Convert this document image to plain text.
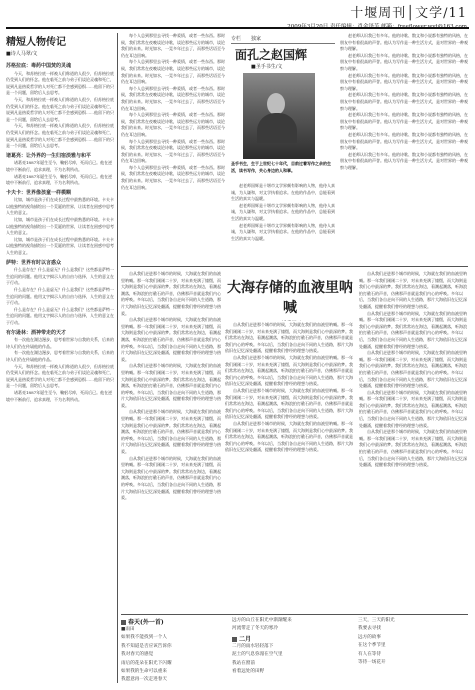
十堰周刊│文学/11
精短人物传记
■诗人马翠/文
苏格拉底：毒药中国焚的灵魂

今天，和苏格拉底一样被人们称道的人很少，但苏格拉底仍受到人们的怀念。他在临死之前与弟子们谈论灵魂和死亡，说到凡是热爱哲学的人对死亡都不会感到恐惧……他留下的只是一个问题，留给后人去思考。

今天，和苏格拉底一样被人们称道的人很少，但苏格拉底仍受到人们的怀念。他在临死之前与弟子们谈论灵魂和死亡，说到凡是热爱哲学的人对死亡都不会感到恐惧……他留下的只是一个问题，留给后人去思考。

今天，和苏格拉底一样被人们称道的人很少，但苏格拉底仍受到人们的怀念。他在临死之前与弟子们谈论灵魂和死亡，说到凡是热爱哲学的人对死亡都不会感到恐惧……他留下的只是一个问题，留给后人去思考。

诸葛亮：让外界的一生归宿淡雅与和平

诸葛亮1887年诞生至今，鞠躬尽瘁，死而后已。他在逆境中不断前行，追求真理，不为名利所动。

诸葛亮1887年诞生至今，鞠躬尽瘁，死而后已。他在逆境中不断前行，追求真理，不为名利所动。

卡夫卡：世界像孩童一样模糊

比如，城市是孩子们在成长过程中最熟悉的环境。卡夫卡以他独特的视角描绘出一个荒诞的世界，让读者在困惑中思考人生的意义。

比如，城市是孩子们在成长过程中最熟悉的环境。卡夫卡以他独特的视角描绘出一个荒诞的世界，让读者在困惑中思考人生的意义。

比如，城市是孩子们在成长过程中最熟悉的环境。卡夫卡以他独特的视角描绘出一个荒诞的世界，让读者在困惑中思考人生的意义。

萨特：世界有时以言惑众

什么是存在？什么是虚无？什么是我们？这些都是萨特一生追问的问题。他用文字揭示人的自由与选择，人生的意义在于行动。

什么是存在？什么是虚无？什么是我们？这些都是萨特一生追问的问题。他用文字揭示人的自由与选择，人生的意义在于行动。

什么是存在？什么是虚无？什么是我们？这些都是萨特一生追问的问题。他用文字揭示人的自由与选择，人生的意义在于行动。

有尔逊林：酒神带走的天才

有一次他在湖边漫步，思考着世界与自我的关系，后来的诗人们仍在传诵他的作品。

有一次他在湖边漫步，思考着世界与自我的关系，后来的诗人们仍在传诵他的作品。

今天，和苏格拉底一样被人们称道的人很少，但苏格拉底仍受到人们的怀念。他在临死之前与弟子们谈论灵魂和死亡，说到凡是热爱哲学的人对死亡都不会感到恐惧……他留下的只是一个问题，留给后人去思考。

诸葛亮1887年诞生至今，鞠躬尽瘁，死而后已。他在逆境中不断前行，追求真理，不为名利所动。

每个人总到那里去寻找一种爱情，或者一些东西。那时候，我们常常在夜晚谈论诗歌，谈论那些远方的城市，谈论我们的未来。时光如水，一晃多年过去了，而那些话语至今仍在耳边回响。

每个人总到那里去寻找一种爱情，或者一些东西。那时候，我们常常在夜晚谈论诗歌，谈论那些远方的城市，谈论我们的未来。时光如水，一晃多年过去了，而那些话语至今仍在耳边回响。

每个人总到那里去寻找一种爱情，或者一些东西。那时候，我们常常在夜晚谈论诗歌，谈论那些远方的城市，谈论我们的未来。时光如水，一晃多年过去了，而那些话语至今仍在耳边回响。

每个人总到那里去寻找一种爱情，或者一些东西。那时候，我们常常在夜晚谈论诗歌，谈论那些远方的城市，谈论我们的未来。时光如水，一晃多年过去了，而那些话语至今仍在耳边回响。

每个人总到那里去寻找一种爱情，或者一些东西。那时候，我们常常在夜晚谈论诗歌，谈论那些远方的城市，谈论我们的未来。时光如水，一晃多年过去了，而那些话语至今仍在耳边回响。

每个人总到那里去寻找一种爱情，或者一些东西。那时候，我们常常在夜晚谈论诗歌，谈论那些远方的城市，谈论我们的未来。时光如水，一晃多年过去了，而那些话语至今仍在耳边回响。

专栏 独家
面孔之赵国辉
■圣手书生/文
圣手书生，生于上世纪七十年代，目前过着写作之余的生活，读书写作，关心身边的人和事。

赵老师国辉是十堰市文学界颇有影响的人物，他待人真诚，为人谦和，对文学执着追求。在他的作品中，总能看到生活的真实与温暖。

赵老师国辉是十堰市文学界颇有影响的人物，他待人真诚，为人谦和，对文学执着追求。在他的作品中，总能看到生活的真实与温暖。

赵老师国辉是十堰市文学界颇有影响的人物，他待人真诚，为人谦和，对文学执着追求。在他的作品中，总能看到生活的真实与温暖。

赵老师认识我已有多年。他的诗歌、散文和小说都有独特的风格，在朋友中有着很高的声誉。他认为写作是一种生活方式，是对世界的一种观察与理解。

赵老师认识我已有多年。他的诗歌、散文和小说都有独特的风格，在朋友中有着很高的声誉。他认为写作是一种生活方式，是对世界的一种观察与理解。

赵老师认识我已有多年。他的诗歌、散文和小说都有独特的风格，在朋友中有着很高的声誉。他认为写作是一种生活方式，是对世界的一种观察与理解。

赵老师认识我已有多年。他的诗歌、散文和小说都有独特的风格，在朋友中有着很高的声誉。他认为写作是一种生活方式，是对世界的一种观察与理解。

赵老师认识我已有多年。他的诗歌、散文和小说都有独特的风格，在朋友中有着很高的声誉。他认为写作是一种生活方式，是对世界的一种观察与理解。

赵老师认识我已有多年。他的诗歌、散文和小说都有独特的风格，在朋友中有着很高的声誉。他认为写作是一种生活方式，是对世界的一种观察与理解。

赵老师认识我已有多年。他的诗歌、散文和小说都有独特的风格，在朋友中有着很高的声誉。他认为写作是一种生活方式，是对世界的一种观察与理解。

自从我们走进那个城市的时候，大海就在我们的血液里呐喊。那一年我们刚刚二十岁，对未来充满了憧憬，而大海则是我们心中最深的梦。我们常常站在海边，看潮起潮落，听海浪拍打礁石的声音，仿佛那声音就是我们内心的呼唤。多年以后，当我们各自走向不同的人生道路，那片大海依旧在记忆深处翻涌，提醒着我们曾经的理想与热爱。

自从我们走进那个城市的时候，大海就在我们的血液里呐喊。那一年我们刚刚二十岁，对未来充满了憧憬，而大海则是我们心中最深的梦。我们常常站在海边，看潮起潮落，听海浪拍打礁石的声音，仿佛那声音就是我们内心的呼唤。多年以后，当我们各自走向不同的人生道路，那片大海依旧在记忆深处翻涌，提醒着我们曾经的理想与热爱。

自从我们走进那个城市的时候，大海就在我们的血液里呐喊。那一年我们刚刚二十岁，对未来充满了憧憬，而大海则是我们心中最深的梦。我们常常站在海边，看潮起潮落，听海浪拍打礁石的声音，仿佛那声音就是我们内心的呼唤。多年以后，当我们各自走向不同的人生道路，那片大海依旧在记忆深处翻涌，提醒着我们曾经的理想与热爱。

自从我们走进那个城市的时候，大海就在我们的血液里呐喊。那一年我们刚刚二十岁，对未来充满了憧憬，而大海则是我们心中最深的梦。我们常常站在海边，看潮起潮落，听海浪拍打礁石的声音，仿佛那声音就是我们内心的呼唤。多年以后，当我们各自走向不同的人生道路，那片大海依旧在记忆深处翻涌，提醒着我们曾经的理想与热爱。

自从我们走进那个城市的时候，大海就在我们的血液里呐喊。那一年我们刚刚二十岁，对未来充满了憧憬，而大海则是我们心中最深的梦。我们常常站在海边，看潮起潮落，听海浪拍打礁石的声音，仿佛那声音就是我们内心的呼唤。多年以后，当我们各自走向不同的人生道路，那片大海依旧在记忆深处翻涌，提醒着我们曾经的理想与热爱。

大海存储的血液里呐喊

自从我们走进那个城市的时候，大海就在我们的血液里呐喊。那一年我们刚刚二十岁，对未来充满了憧憬，而大海则是我们心中最深的梦。我们常常站在海边，看潮起潮落，听海浪拍打礁石的声音，仿佛那声音就是我们内心的呼唤。多年以后，当我们各自走向不同的人生道路，那片大海依旧在记忆深处翻涌，提醒着我们曾经的理想与热爱。

自从我们走进那个城市的时候，大海就在我们的血液里呐喊。那一年我们刚刚二十岁，对未来充满了憧憬，而大海则是我们心中最深的梦。我们常常站在海边，看潮起潮落，听海浪拍打礁石的声音，仿佛那声音就是我们内心的呼唤。多年以后，当我们各自走向不同的人生道路，那片大海依旧在记忆深处翻涌，提醒着我们曾经的理想与热爱。

自从我们走进那个城市的时候，大海就在我们的血液里呐喊。那一年我们刚刚二十岁，对未来充满了憧憬，而大海则是我们心中最深的梦。我们常常站在海边，看潮起潮落，听海浪拍打礁石的声音，仿佛那声音就是我们内心的呼唤。多年以后，当我们各自走向不同的人生道路，那片大海依旧在记忆深处翻涌，提醒着我们曾经的理想与热爱。

自从我们走进那个城市的时候，大海就在我们的血液里呐喊。那一年我们刚刚二十岁，对未来充满了憧憬，而大海则是我们心中最深的梦。我们常常站在海边，看潮起潮落，听海浪拍打礁石的声音，仿佛那声音就是我们内心的呼唤。多年以后，当我们各自走向不同的人生道路，那片大海依旧在记忆深处翻涌，提醒着我们曾经的理想与热爱。

自从我们走进那个城市的时候，大海就在我们的血液里呐喊。那一年我们刚刚二十岁，对未来充满了憧憬，而大海则是我们心中最深的梦。我们常常站在海边，看潮起潮落，听海浪拍打礁石的声音，仿佛那声音就是我们内心的呼唤。多年以后，当我们各自走向不同的人生道路，那片大海依旧在记忆深处翻涌，提醒着我们曾经的理想与热爱。

自从我们走进那个城市的时候，大海就在我们的血液里呐喊。那一年我们刚刚二十岁，对未来充满了憧憬，而大海则是我们心中最深的梦。我们常常站在海边，看潮起潮落，听海浪拍打礁石的声音，仿佛那声音就是我们内心的呼唤。多年以后，当我们各自走向不同的人生道路，那片大海依旧在记忆深处翻涌，提醒着我们曾经的理想与热爱。

自从我们走进那个城市的时候，大海就在我们的血液里呐喊。那一年我们刚刚二十岁，对未来充满了憧憬，而大海则是我们心中最深的梦。我们常常站在海边，看潮起潮落，听海浪拍打礁石的声音，仿佛那声音就是我们内心的呼唤。多年以后，当我们各自走向不同的人生道路，那片大海依旧在记忆深处翻涌，提醒着我们曾经的理想与热爱。

自从我们走进那个城市的时候，大海就在我们的血液里呐喊。那一年我们刚刚二十岁，对未来充满了憧憬，而大海则是我们心中最深的梦。我们常常站在海边，看潮起潮落，听海浪拍打礁石的声音，仿佛那声音就是我们内心的呼唤。多年以后，当我们各自走向不同的人生道路，那片大海依旧在记忆深处翻涌，提醒着我们曾经的理想与热爱。

自从我们走进那个城市的时候，大海就在我们的血液里呐喊。那一年我们刚刚二十岁，对未来充满了憧憬，而大海则是我们心中最深的梦。我们常常站在海边，看潮起潮落，听海浪拍打礁石的声音，仿佛那声音就是我们内心的呼唤。多年以后，当我们各自走向不同的人生道路，那片大海依旧在记忆深处翻涌，提醒着我们曾经的理想与热爱。

春天(外一首)
■雨田
如果我不能找到一个人
我不知道是否应该告诉你
我对春天的感觉
雨后的花朵在阳光下闪耀
如果我的生命可以重来
我愿意再一次走进春天
远方的山丘在阳光中渐渐醒来
河流带走了冬天的寒冷
二月
二月的雨水轻轻落下
泥土的气息弥漫在空气里
我站在窗前
看着远处的田野
三天，三天的阳光
我要去寻找
远方的故事
在这个季节里
有人在等待
等待一场花开
